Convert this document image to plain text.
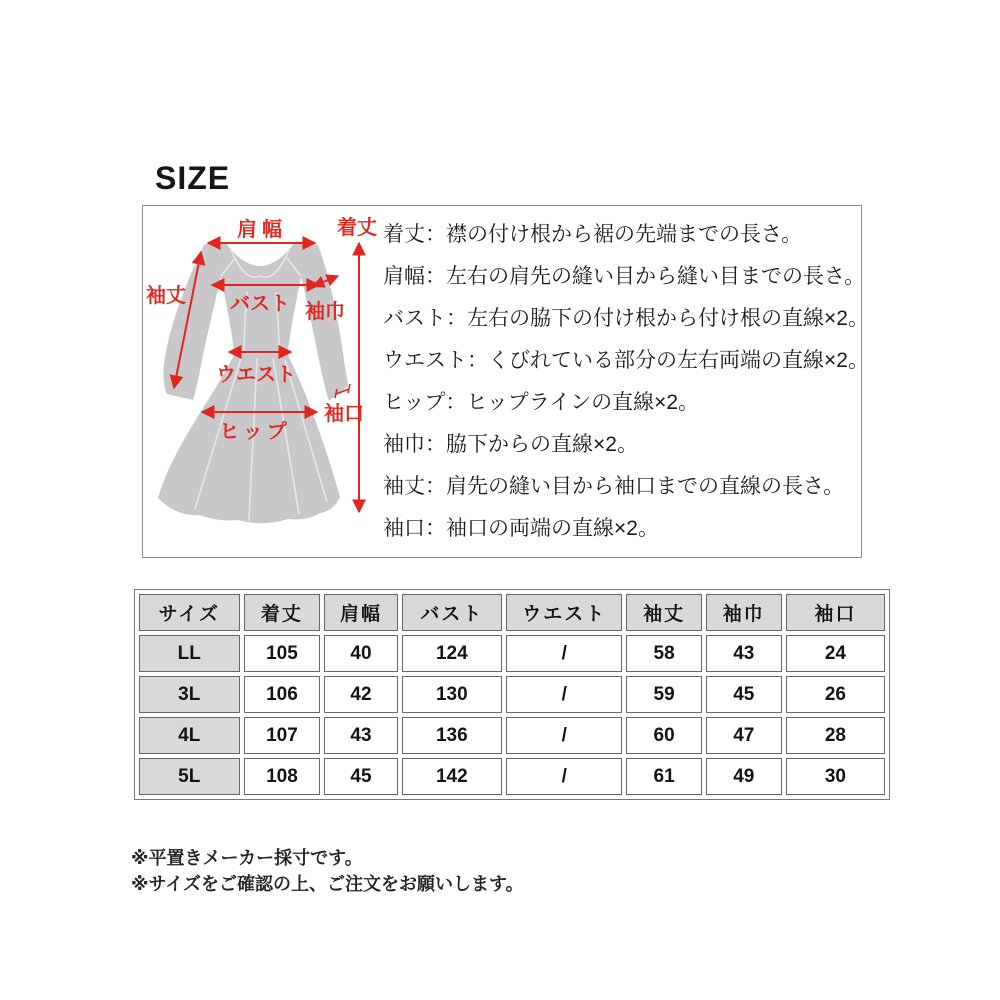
SIZE
肩幅	着丈
袖丈 バスト 袖巾
ウエスト
袖口
ヒップ
着丈：襟の付け根から裾の先端までの長さ。
肩幅：左右の肩先の縫い目から縫い目までの長さ。
バスト：左右の脇下の付け根から付け根の直線×2。
ウエスト：くびれている部分の左右両端の直線×2。
ヒップ：ヒップラインの直線×2。
袖巾：脇下からの直線×2。
袖丈：肩先の縫い目から袖口までの直線の長さ。
袖口：袖口の両端の直線×2。
サイズ	着丈	肩幅	バスト	ウエスト	袖丈	袖巾	袖口
LL	105	40	124	/	58	43	24
3L	106	42	130	/	59	45	26
4L	107	43	136	/	60	47	28
5L	108	45	142	/	61	49	30
※平置きメーカー採寸です。
※サイズをご確認の上、ご注文をお願いします。
